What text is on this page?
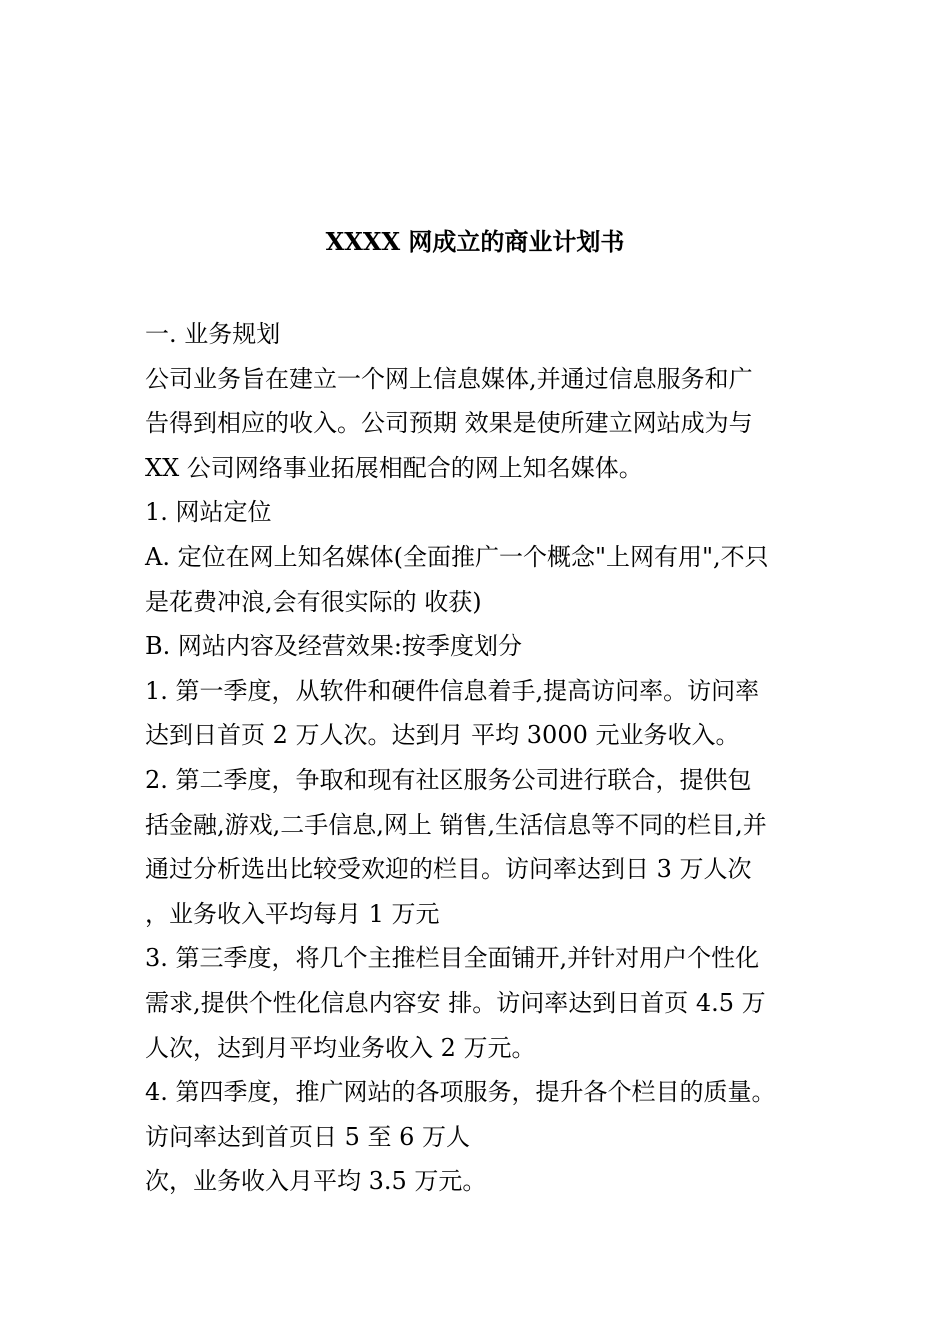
XXXX 网成立的商业计划书
一. 业务规划
公司业务旨在建立一个网上信息媒体,并通过信息服务和广
告得到相应的收入。公司预期 效果是使所建立网站成为与
XX 公司网络事业拓展相配合的网上知名媒体。
1. 网站定位
A. 定位在网上知名媒体(全面推广一个概念"上网有用",不只
是花费冲浪,会有很实际的 收获)
B. 网站内容及经营效果:按季度划分
1. 第一季度，从软件和硬件信息着手,提高访问率。访问率
达到日首页 2 万人次。达到月 平均 3000 元业务收入。
2. 第二季度，争取和现有社区服务公司进行联合，提供包
括金融,游戏,二手信息,网上 销售,生活信息等不同的栏目,并
通过分析选出比较受欢迎的栏目。访问率达到日 3 万人次
，业务收入平均每月 1 万元
3. 第三季度，将几个主推栏目全面铺开,并针对用户个性化
需求,提供个性化信息内容安 排。访问率达到日首页 4.5 万
人次，达到月平均业务收入 2 万元。
4. 第四季度，推广网站的各项服务，提升各个栏目的质量。
访问率达到首页日 5 至 6 万人
次，业务收入月平均 3.5 万元。
